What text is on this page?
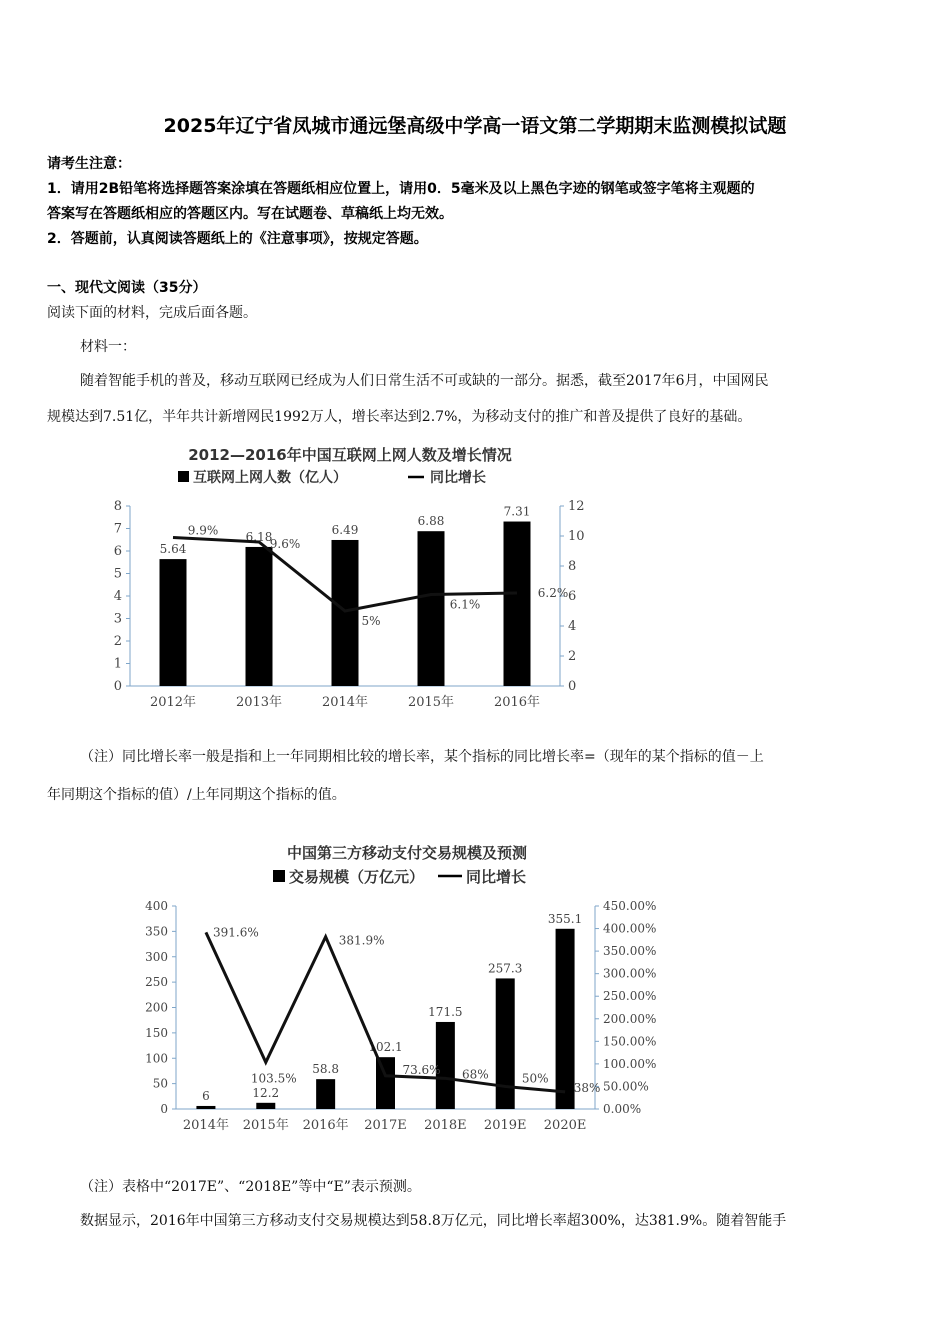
2025年辽宁省凤城市通远堡高级中学高一语文第二学期期末监测模拟试题
请考生注意：
1．请用2B铅笔将选择题答案涂填在答题纸相应位置上，请用0．5毫米及以上黑色字迹的钢笔或签字笔将主观题的
答案写在答题纸相应的答题区内。写在试题卷、草稿纸上均无效。
2．答题前，认真阅读答题纸上的《注意事项》，按规定答题。
一、现代文阅读（35分）
阅读下面的材料，完成后面各题。
材料一：
随着智能手机的普及，移动互联网已经成为人们日常生活不可或缺的一部分。据悉，截至2017年6月，中国网民
规模达到7.51亿，半年共计新增网民1992万人，增长率达到2.7%，为移动支付的推广和普及提供了良好的基础。
2012—2016年中国互联网上网人数及增长情况
互联网上网人数（亿人）	同比增长
0
1
2
3
4
5
6
7
8
0
2
4
6
8
10
12
2012年	2013年	2014年	2015年	2016年
5.64
6.18	6.49
6.88
7.31
9.9%
9.6%
5%
6.1%
6.2%
（注）同比增长率一般是指和上一年同期相比较的增长率，某个指标的同比增长率=（现年的某个指标的值－上
年同期这个指标的值）/上年同期这个指标的值。
中国第三方移动支付交易规模及预测
交易规模（万亿元）	同比增长
0
50
100
150
200
250
300
350
400
0.00%
50.00%
100.00%
150.00%
200.00%
250.00%
300.00%
350.00%
400.00%
450.00%
2014年 2015年 2016年 2017E 2018E 2019E 2020E
6	12.2
58.8
102.1
171.5
257.3
355.1
391.6%
103.5%
381.9%
73.6% 68%	50%
38%
（注）表格中“2017E”、“2018E”等中“E”表示预测。
数据显示，2016年中国第三方移动支付交易规模达到58.8万亿元，同比增长率超300%，达381.9%。随着智能手
